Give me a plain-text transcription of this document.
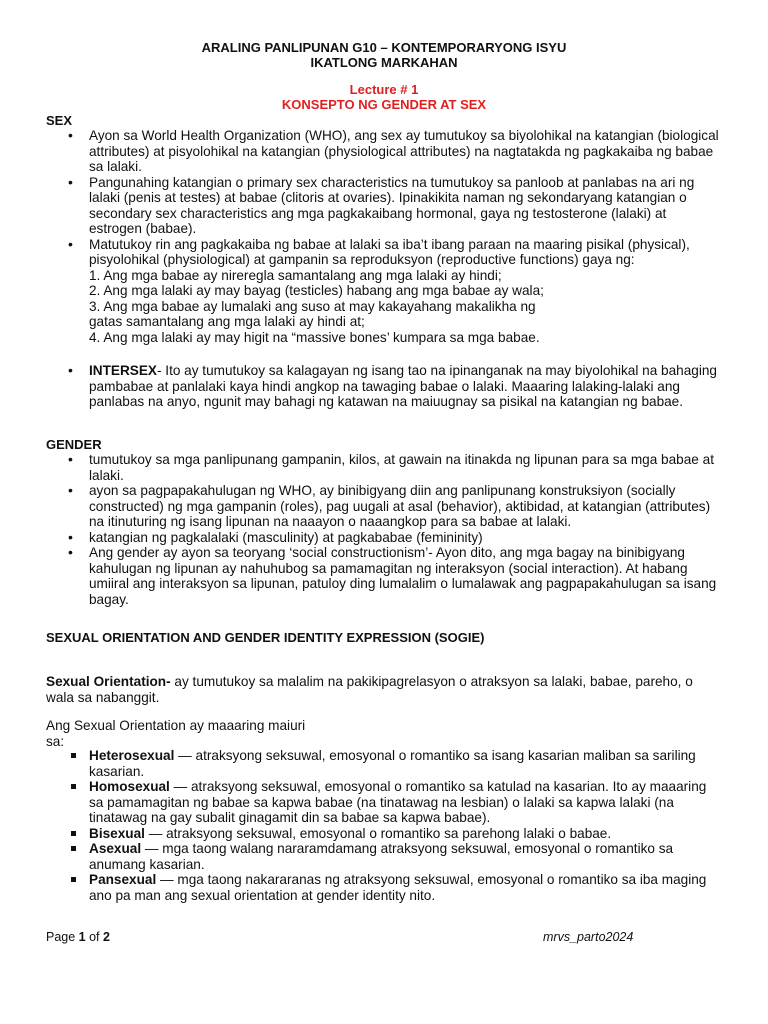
ARALING PANLIPUNAN G10 – KONTEMPORARYONG ISYU
IKATLONG MARKAHAN
Lecture # 1
KONSEPTO NG GENDER AT SEX
SEX
• Ayon sa World Health Organization (WHO), ang sex ay tumutukoy sa biyolohikal na katangian (biological attributes) at pisyolohikal na katangian (physiological attributes) na nagtatakda ng pagkakaiba ng babae sa lalaki.
• Pangunahing katangian o primary sex characteristics na tumutukoy sa panloob at panlabas na ari ng lalaki (penis at testes) at babae (clitoris at ovaries). Ipinakikita naman ng sekondaryang katangian o secondary sex characteristics ang mga pagkakaibang hormonal, gaya ng testosterone (lalaki) at estrogen (babae).
• Matutukoy rin ang pagkakaiba ng babae at lalaki sa iba’t ibang paraan na maaring pisikal (physical), pisyolohikal (physiological) at gampanin sa reproduksyon (reproductive functions) gaya ng:
1. Ang mga babae ay nireregla samantalang ang mga lalaki ay hindi;
2. Ang mga lalaki ay may bayag (testicles) habang ang mga babae ay wala;
3. Ang mga babae ay lumalaki ang suso at may kakayahang makalikha ng
gatas samantalang ang mga lalaki ay hindi at;
4. Ang mga lalaki ay may higit na “massive bones’ kumpara sa mga babae.
• INTERSEX- Ito ay tumutukoy sa kalagayan ng isang tao na ipinanganak na may biyolohikal na bahaging pambabae at panlalaki kaya hindi angkop na tawaging babae o lalaki. Maaaring lalaking-lalaki ang panlabas na anyo, ngunit may bahagi ng katawan na maiuugnay sa pisikal na katangian ng babae.
GENDER
• tumutukoy sa mga panlipunang gampanin, kilos, at gawain na itinakda ng lipunan para sa mga babae at lalaki.
• ayon sa pagpapakahulugan ng WHO, ay binibigyang diin ang panlipunang konstruksiyon (socially constructed) ng mga gampanin (roles), pag uugali at asal (behavior), aktibidad, at katangian (attributes) na itinuturing ng isang lipunan na naaayon o naaangkop para sa babae at lalaki.
• katangian ng pagkalalaki (masculinity) at pagkababae (femininity)
• Ang gender ay ayon sa teoryang ‘social constructionism’- Ayon dito, ang mga bagay na binibigyang kahulugan ng lipunan ay nahuhubog sa pamamagitan ng interaksyon (social interaction). At habang umiiral ang interaksyon sa lipunan, patuloy ding lumalalim o lumalawak ang pagpapakahulugan sa isang bagay.
SEXUAL ORIENTATION AND GENDER IDENTITY EXPRESSION (SOGIE)
Sexual Orientation- ay tumutukoy sa malalim na pakikipagrelasyon o atraksyon sa lalaki, babae, pareho, o wala sa nabanggit.
Ang Sexual Orientation ay maaaring maiuri
sa:
Heterosexual — atraksyong seksuwal, emosyonal o romantiko sa isang kasarian maliban sa sariling kasarian.
Homosexual — atraksyong seksuwal, emosyonal o romantiko sa katulad na kasarian. Ito ay maaaring sa pamamagitan ng babae sa kapwa babae (na tinatawag na lesbian) o lalaki sa kapwa lalaki (na tinatawag na gay subalit ginagamit din sa babae sa kapwa babae).
Bisexual — atraksyong seksuwal, emosyonal o romantiko sa parehong lalaki o babae.
Asexual — mga taong walang nararamdamang atraksyong seksuwal, emosyonal o romantiko sa anumang kasarian.
Pansexual — mga taong nakararanas ng atraksyong seksuwal, emosyonal o romantiko sa iba maging ano pa man ang sexual orientation at gender identity nito.
Page 1 of 2	mrvs_parto2024
